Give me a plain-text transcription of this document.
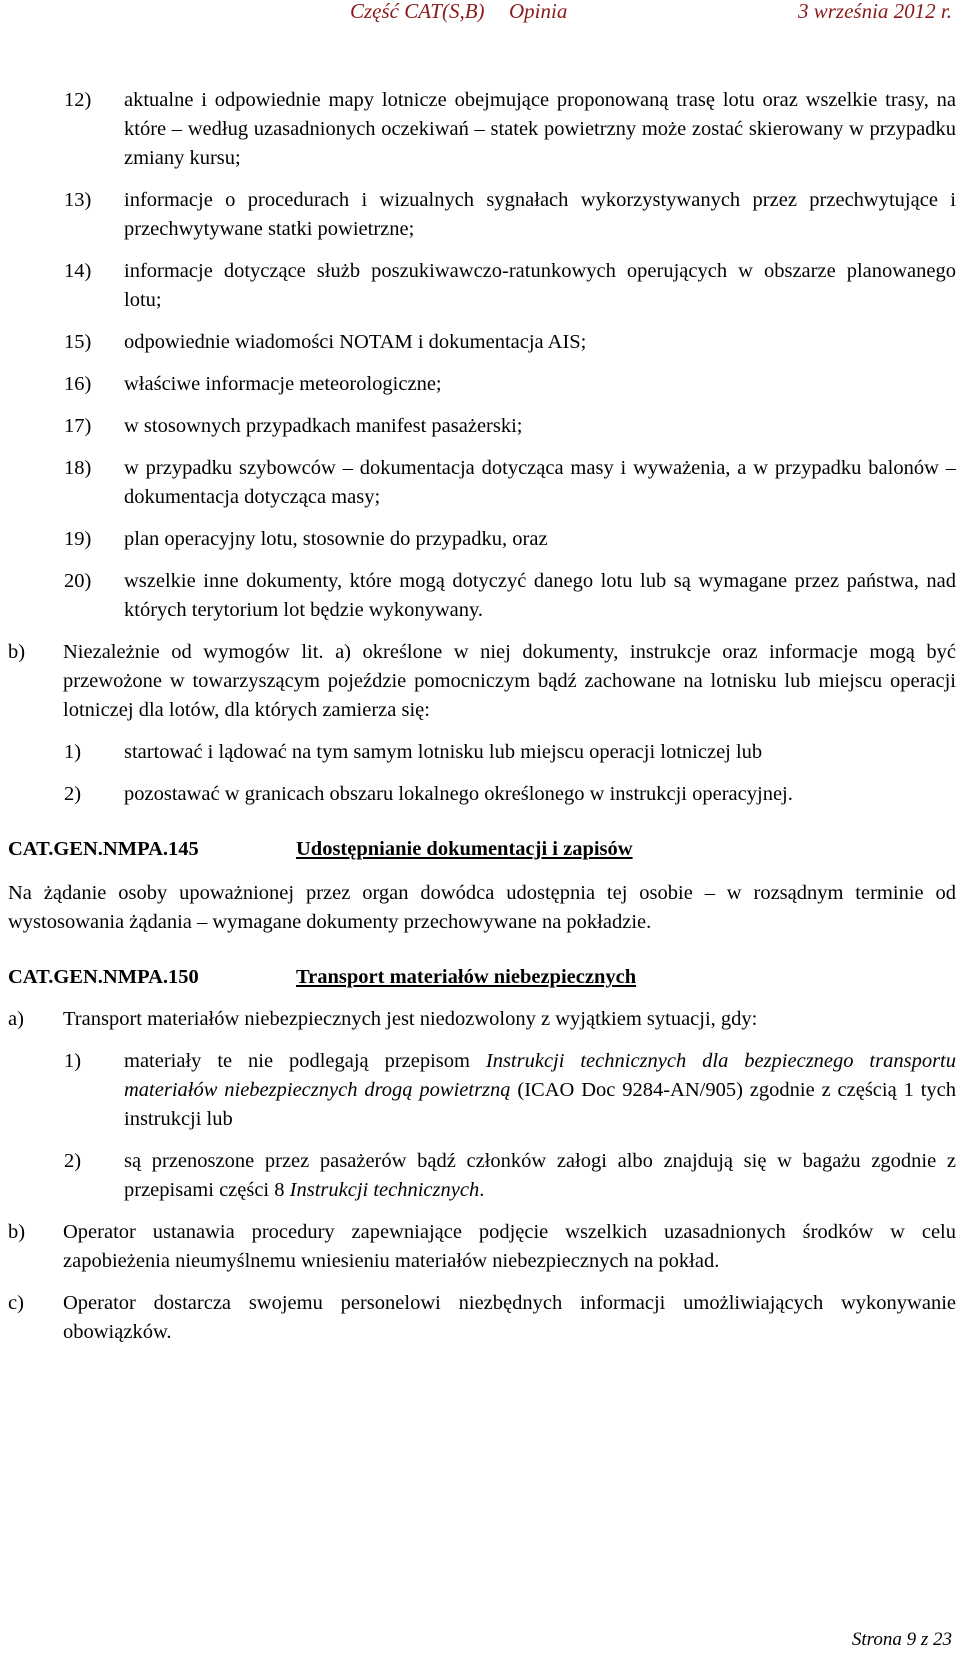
Część CAT(S,B) Opinia	3 września 2012 r.
12)	aktualne i odpowiednie mapy lotnicze obejmujące proponowaną trasę lotu oraz wszelkie trasy, na które – według uzasadnionych oczekiwań – statek powietrzny może zostać skierowany w przypadku zmiany kursu;
13)	informacje o procedurach i wizualnych sygnałach wykorzystywanych przez przechwytujące i przechwytywane statki powietrzne;
14)	informacje dotyczące służb poszukiwawczo-ratunkowych operujących w obszarze planowanego lotu;
15)	odpowiednie wiadomości NOTAM i dokumentacja AIS;
16)	właściwe informacje meteorologiczne;
17)	w stosownych przypadkach manifest pasażerski;
18)	w przypadku szybowców – dokumentacja dotycząca masy i wyważenia, a w przypadku balonów – dokumentacja dotycząca masy;
19)	plan operacyjny lotu, stosownie do przypadku, oraz
20)	wszelkie inne dokumenty, które mogą dotyczyć danego lotu lub są wymagane przez państwa, nad których terytorium lot będzie wykonywany.
b)	Niezależnie od wymogów lit. a) określone w niej dokumenty, instrukcje oraz informacje mogą być przewożone w towarzyszącym pojeździe pomocniczym bądź zachowane na lotnisku lub miejscu operacji lotniczej dla lotów, dla których zamierza się:
1)	startować i lądować na tym samym lotnisku lub miejscu operacji lotniczej lub
2)	pozostawać w granicach obszaru lokalnego określonego w instrukcji operacyjnej.
CAT.GEN.NMPA.145	Udostępnianie dokumentacji i zapisów
Na żądanie osoby upoważnionej przez organ dowódca udostępnia tej osobie – w rozsądnym terminie od wystosowania żądania – wymagane dokumenty przechowywane na pokładzie.
CAT.GEN.NMPA.150	Transport materiałów niebezpiecznych
a)	Transport materiałów niebezpiecznych jest niedozwolony z wyjątkiem sytuacji, gdy:
1)	materiały te nie podlegają przepisom Instrukcji technicznych dla bezpiecznego transportu materiałów niebezpiecznych drogą powietrzną (ICAO Doc 9284-AN/905) zgodnie z częścią 1 tych instrukcji lub
2)	są przenoszone przez pasażerów bądź członków załogi albo znajdują się w bagażu zgodnie z przepisami części 8 Instrukcji technicznych.
b)	Operator ustanawia procedury zapewniające podjęcie wszelkich uzasadnionych środków w celu zapobieżenia nieumyślnemu wniesieniu materiałów niebezpiecznych na pokład.
c)	Operator dostarcza swojemu personelowi niezbędnych informacji umożliwiających wykonywanie obowiązków.
Strona 9 z 23
